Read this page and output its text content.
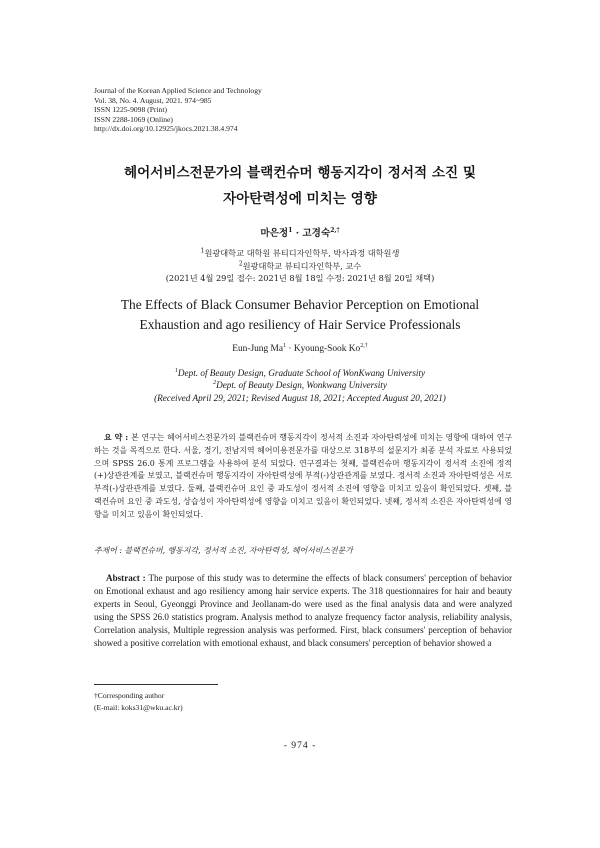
Journal of the Korean Applied Science and Technology
Vol. 38, No. 4. August, 2021. 974~985
ISSN 1225-9098 (Print)
ISSN 2288-1069 (Online)
http://dx.doi.org/10.12925/jkocs.2021.38.4.974
헤어서비스전문가의 블랙컨슈머 행동지각이 정서적 소진 및
자아탄력성에 미치는 영향
마은정$^1$ · 고경숙$^{2,\dagger}$
$^1$원광대학교 대학원 뷰티디자인학부, 박사과정 대학원생
$^2$원광대학교 뷰티디자인학부, 교수
(2021년 4월 29일 접수: 2021년 8월 18일 수정: 2021년 8월 20일 채택)
The Effects of Black Consumer Behavior Perception on Emotional
Exhaustion and ago resiliency of Hair Service Professionals
Eun-Jung $Ma^1$ · Kyoung-Sook $Ko^{2,\dagger}$
$^1$Dept. of Beauty Design, Graduate School of WonKwang University
$^2$Dept. of Beauty Design, Wonkwang University
(Received April 29, 2021; Revised August 18, 2021; Accepted August 20, 2021)
요 약 : 본 연구는 헤어서비스전문가의 블랙컨슈머 행동지각이 정서적 소진과 자아탄력성에 미치는 영향에 대하여 연구하는 것을 목적으로 한다. 서울, 경기, 전남지역 헤어미용전문가를 대상으로 318부의 설문지가 최종 분석 자료로 사용되었으며 SPSS 26.0 통계 프로그램을 사용하여 분석 되었다. 연구결과는 첫째, 블랙컨슈머 행동지각이 정서적 소진에 정적(+)상관관계를 보였고, 블랙컨슈머 행동지각이 자아탄력성에 부적(-)상관관계를 보였다. 정서적 소진과 자아탄력성은 서로 부적(-)상관관계를 보였다. 둘째, 블랙컨슈머 요인 중 과도성이 정서적 소진에 영향을 미치고 있음이 확인되었다. 셋째, 블랙컨슈머 요인 중 과도성, 상습성이 자아탄력성에 영향을 미치고 있음이 확인되었다. 넷째, 정서적 소진은 자아탄력성에 영향을 미치고 있음이 확인되었다.
주제어 : 블랙컨슈머, 행동지각, 정서적 소진, 자아탄력성, 헤어서비스전문가
Abstract : The purpose of this study was to determine the effects of black consumers' perception of behavior on Emotional exhaust and ago resiliency among hair service experts. The 318 questionnaires for hair and beauty experts in Seoul, Gyeonggi Province and Jeollanam-do were used as the final analysis data and were analyzed using the SPSS 26.0 statistics program. Analysis method to analyze frequency factor analysis, reliability analysis, Correlation analysis, Multiple regression analysis was performed. First, black consumers' perception of behavior showed a positive correlation with emotional exhaust, and black consumers' perception of behavior showed a
†Corresponding author
(E-mail: koks31@wku.ac.kr)
- 974 -
